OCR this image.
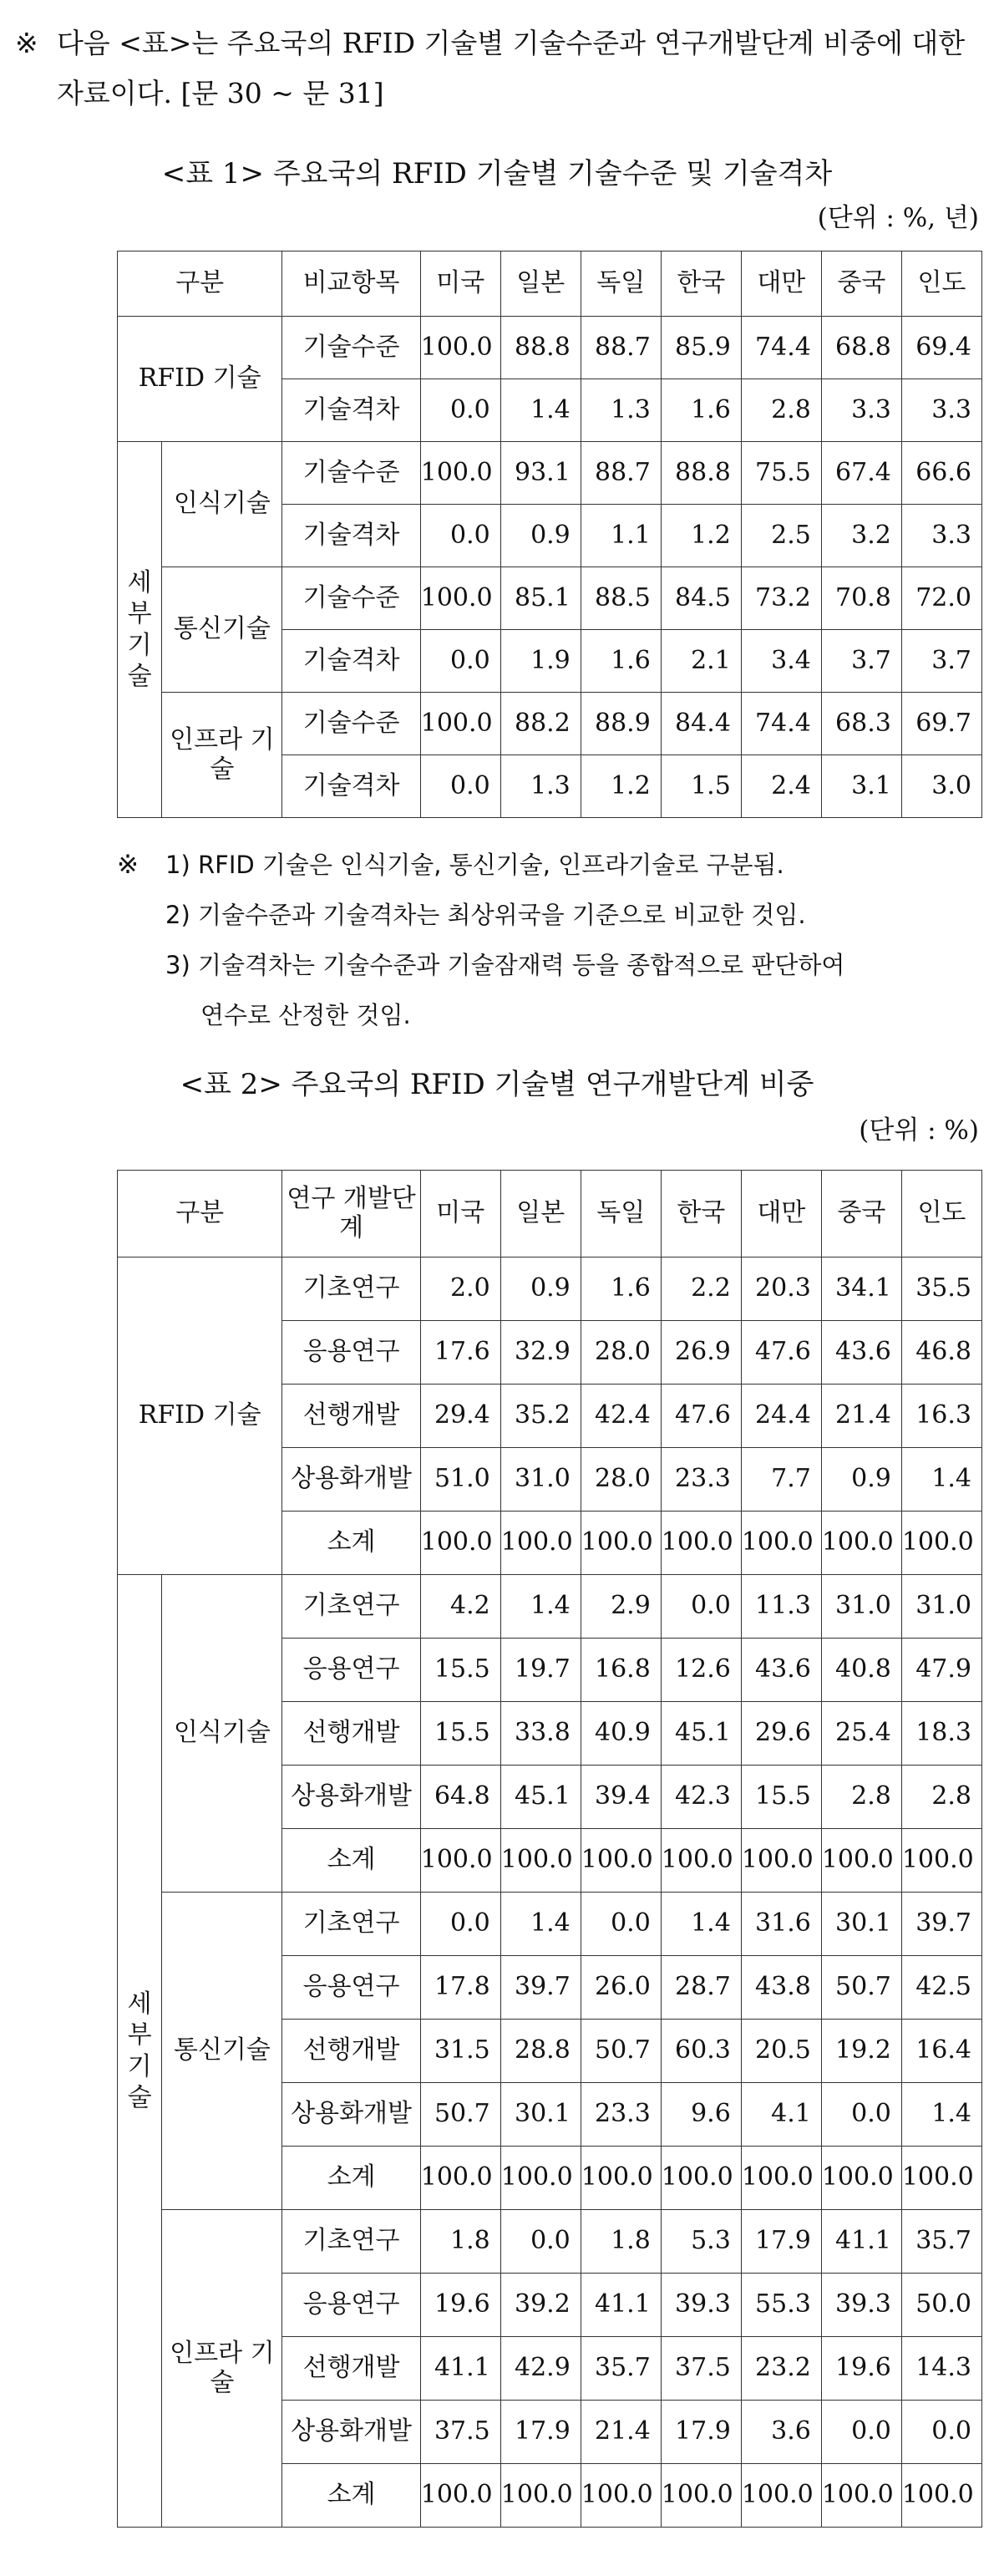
※ 다음 <표>는 주요국의 RFID 기술별 기술수준과 연구개발단계 비중에 대한 자료이다. [문 30 ~ 문 31]
<표 1> 주요국의 RFID 기술별 기술수준 및 기술격차
(단위 : %, 년)
구분		비교항목	미국	일본	독일	한국	대만	중국	인도
RFID 기술		기술수준	100.0	88.8	88.7	85.9	74.4	68.8	69.4
		기술격차	0.0	1.4	1.3	1.6	2.8	3.3	3.3
세부기술	인식기술	기술수준	100.0	93.1	88.7	88.8	75.5	67.4	66.6
		기술격차	0.0	0.9	1.1	1.2	2.5	3.2	3.3
	통신기술	기술수준	100.0	85.1	88.5	84.5	73.2	70.8	72.0
		기술격차	0.0	1.9	1.6	2.1	3.4	3.7	3.7
	인프라 기술	기술수준	100.0	88.2	88.9	84.4	74.4	68.3	69.7
		기술격차	0.0	1.3	1.2	1.5	2.4	3.1	3.0
※ 1) RFID 기술은 인식기술, 통신기술, 인프라기술로 구분됨.
2) 기술수준과 기술격차는 최상위국을 기준으로 비교한 것임.
3) 기술격차는 기술수준과 기술잠재력 등을 종합적으로 판단하여
연수로 산정한 것임.
<표 2> 주요국의 RFID 기술별 연구개발단계 비중
(단위 : %)
구분		연구 개발단계	미국	일본	독일	한국	대만	중국	인도
RFID 기술		기초연구	2.0	0.9	1.6	2.2	20.3	34.1	35.5
		응용연구	17.6	32.9	28.0	26.9	47.6	43.6	46.8
		선행개발	29.4	35.2	42.4	47.6	24.4	21.4	16.3
		상용화개발	51.0	31.0	28.0	23.3	7.7	0.9	1.4
		소계	100.0	100.0	100.0	100.0	100.0	100.0	100.0
세부기술	인식기술	기초연구	4.2	1.4	2.9	0.0	11.3	31.0	31.0
		응용연구	15.5	19.7	16.8	12.6	43.6	40.8	47.9
		선행개발	15.5	33.8	40.9	45.1	29.6	25.4	18.3
		상용화개발	64.8	45.1	39.4	42.3	15.5	2.8	2.8
		소계	100.0	100.0	100.0	100.0	100.0	100.0	100.0
	통신기술	기초연구	0.0	1.4	0.0	1.4	31.6	30.1	39.7
		응용연구	17.8	39.7	26.0	28.7	43.8	50.7	42.5
		선행개발	31.5	28.8	50.7	60.3	20.5	19.2	16.4
		상용화개발	50.7	30.1	23.3	9.6	4.1	0.0	1.4
		소계	100.0	100.0	100.0	100.0	100.0	100.0	100.0
	인프라 기술	기초연구	1.8	0.0	1.8	5.3	17.9	41.1	35.7
		응용연구	19.6	39.2	41.1	39.3	55.3	39.3	50.0
		선행개발	41.1	42.9	35.7	37.5	23.2	19.6	14.3
		상용화개발	37.5	17.9	21.4	17.9	3.6	0.0	0.0
		소계	100.0	100.0	100.0	100.0	100.0	100.0	100.0
